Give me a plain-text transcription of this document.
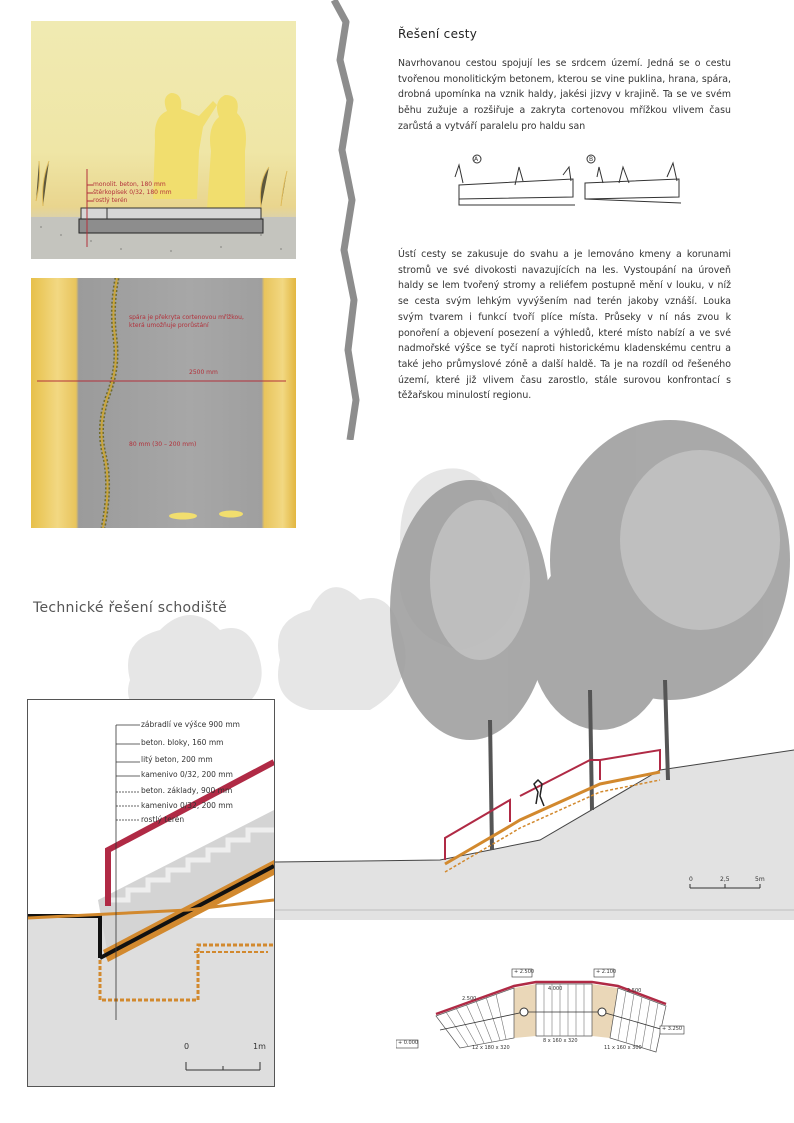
monolit. beton, 180 mm
štěrkopísek 0/32, 180 mm
rostlý terén
spára je překryta cortenovou mřížkou,
která umožňuje prorůstání
2500 mm
80 mm (30 – 200 mm)
Řešení cesty
Navrhovanou cestou spojují les se srdcem území. Jedná se o cestu tvořenou monolitickým betonem, kterou se vine puklina, hrana, spára, drobná upomínka na vznik haldy, jakési jizvy v krajině. Ta se ve svém běhu zužuje a rozšiřuje a zakryta cortenovou mřížkou vlivem času zarůstá a vytváří paralelu pro haldu san
A	B
Ústí cesty se zakusuje do svahu a je lemováno kmeny a korunami stromů ve své divokosti navazujících na les. Vystoupání na úroveň haldy se lem tvořený stromy a reliéfem postupně mění v louku, v níž se cesta svým lehkým vyvýšením nad terén jakoby vznáší. Louka svým tvarem i funkcí tvoří plíce místa. Průseky v ní nás zvou k ponoření a objevení posezení a výhledů, které místo nabízí a ve své nadmořské výšce se tyčí naproti historickému kladenskému centru a také jeho průmyslové zóně a další haldě. Ta je na rozdíl od řešeného území, které již vlivem času zarostlo, stále surovou konfrontací s těžařskou minulostí regionu.
0	2,5	5m
Technické řešení schodiště
zábradlí ve výšce 900 mm
beton. bloky, 160 mm
litý beton, 200 mm
kamenivo 0/32, 200 mm
beton. základy, 900 mm
kamenivo 0/32, 200 mm
rostlý terén
0	1m
+ 2.500	+ 2.100
+ 0.000
+ 3.250
2.500
4.000	2.500
12 x 180 x 320
8 x 160 x 320
11 x 160 x 300
